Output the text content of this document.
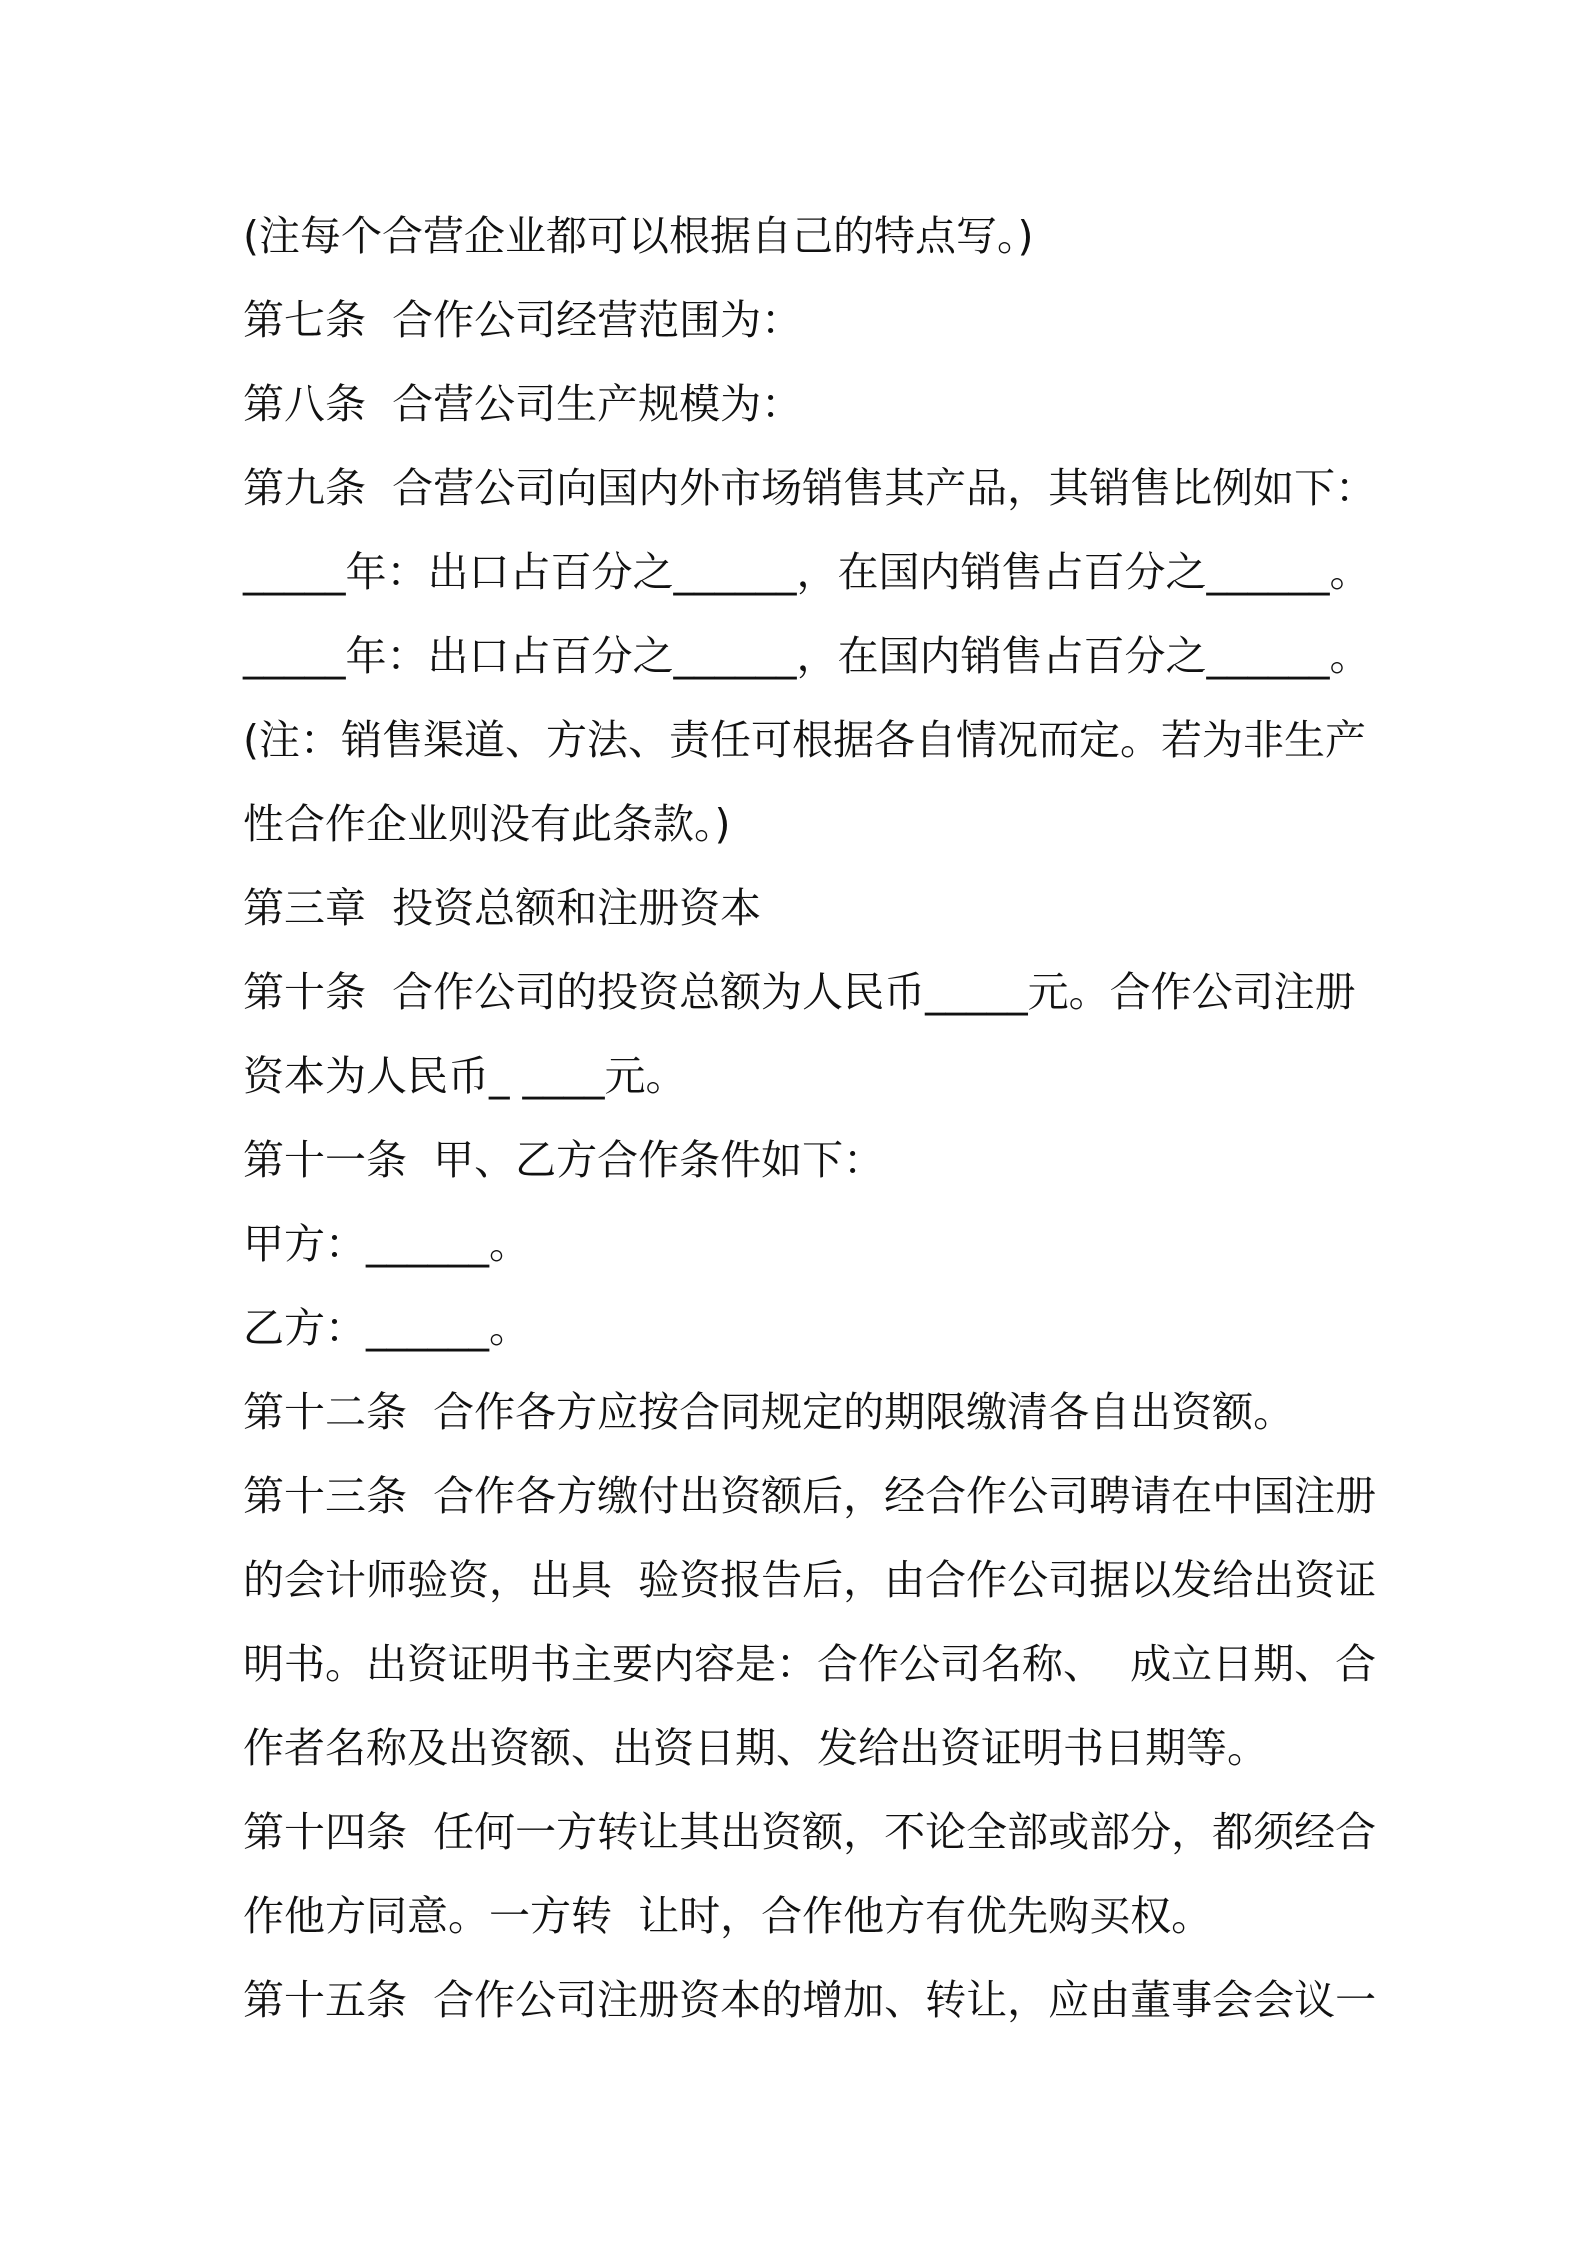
(注每个合营企业都可以根据自己的特点写。)

第七条  合作公司经营范围为：

第八条  合营公司生产规模为：

第九条  合营公司向国内外市场销售其产品，其销售比例如下：

_____年：出口占百分之______，在国内销售占百分之______。

_____年：出口占百分之______，在国内销售占百分之______。

(注：销售渠道、方法、责任可根据各自情况而定。若为非生产

性合作企业则没有此条款。)

第三章  投资总额和注册资本

第十条  合作公司的投资总额为人民币_____元。合作公司注册

资本为人民币_ ____元。

第十一条  甲、乙方合作条件如下：

甲方：______。

乙方：______。

第十二条  合作各方应按合同规定的期限缴清各自出资额。

第十三条  合作各方缴付出资额后，经合作公司聘请在中国注册

的会计师验资，出具  验资报告后，由合作公司据以发给出资证

明书。出资证明书主要内容是：合作公司名称、  成立日期、合

作者名称及出资额、出资日期、发给出资证明书日期等。

第十四条  任何一方转让其出资额，不论全部或部分，都须经合

作他方同意。一方转  让时，合作他方有优先购买权。

第十五条  合作公司注册资本的增加、转让，应由董事会会议一
